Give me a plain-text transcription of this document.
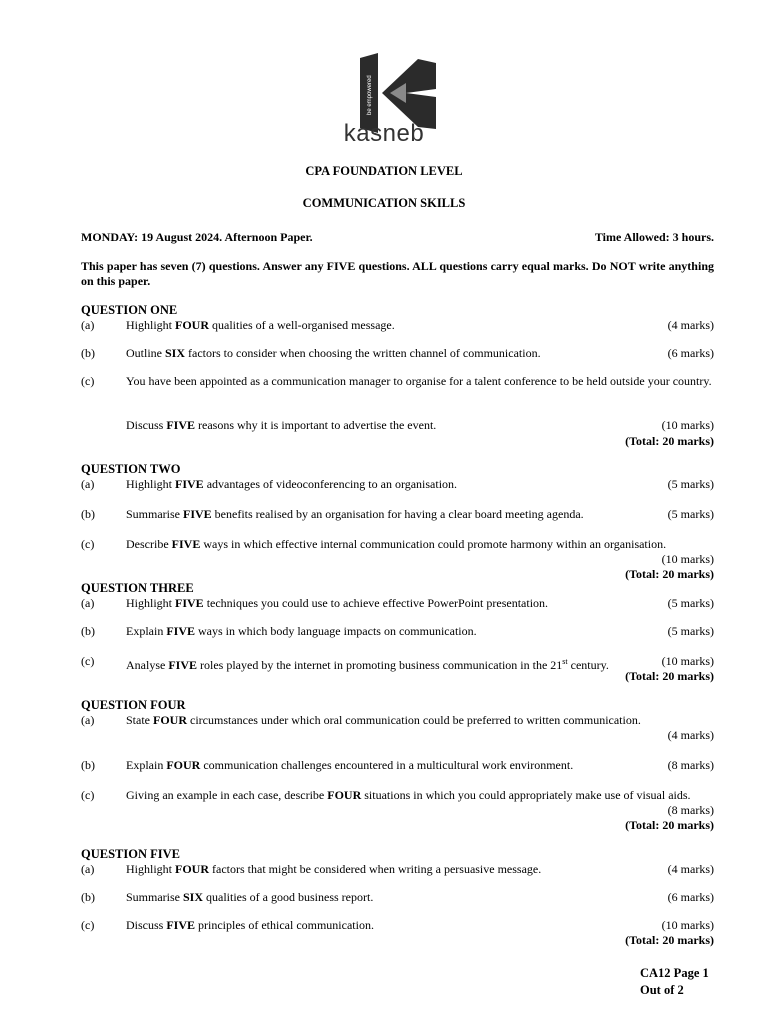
be empowered
kasneb
CPA FOUNDATION LEVEL
COMMUNICATION SKILLS
MONDAY: 19 August 2024. Afternoon Paper.	Time Allowed: 3 hours.
This paper has seven (7) questions. Answer any FIVE questions. ALL questions carry equal marks. Do NOT write anything on this paper.
QUESTION ONE
(a)	Highlight FOUR qualities of a well-organised message.	(4 marks)
(b)	Outline SIX factors to consider when choosing the written channel of communication.	(6 marks)
(c)	You have been appointed as a communication manager to organise for a talent conference to be held outside your country.
Discuss FIVE reasons why it is important to advertise the event.	(10 marks)
(Total: 20 marks)
QUESTION TWO
(a)	Highlight FIVE advantages of videoconferencing to an organisation.	(5 marks)
(b)	Summarise FIVE benefits realised by an organisation for having a clear board meeting agenda.	(5 marks)
(c)	Describe FIVE ways in which effective internal communication could promote harmony within an organisation.
(10 marks)
(Total: 20 marks)
QUESTION THREE
(a)	Highlight FIVE techniques you could use to achieve effective PowerPoint presentation.	(5 marks)
(b)	Explain FIVE ways in which body language impacts on communication.	(5 marks)
(c)	Analyse FIVE roles played by the internet in promoting business communication in the 21st century.	(10 marks)
(Total: 20 marks)
QUESTION FOUR
(a)	State FOUR circumstances under which oral communication could be preferred to written communication.
(4 marks)
(b)	Explain FOUR communication challenges encountered in a multicultural work environment.	(8 marks)
(c)	Giving an example in each case, describe FOUR situations in which you could appropriately make use of visual aids.
(8 marks)
(Total: 20 marks)
QUESTION FIVE
(a)	Highlight FOUR factors that might be considered when writing a persuasive message.	(4 marks)
(b)	Summarise SIX qualities of a good business report.	(6 marks)
(c)	Discuss FIVE principles of ethical communication.	(10 marks)
(Total: 20 marks)
CA12 Page 1
Out of 2
